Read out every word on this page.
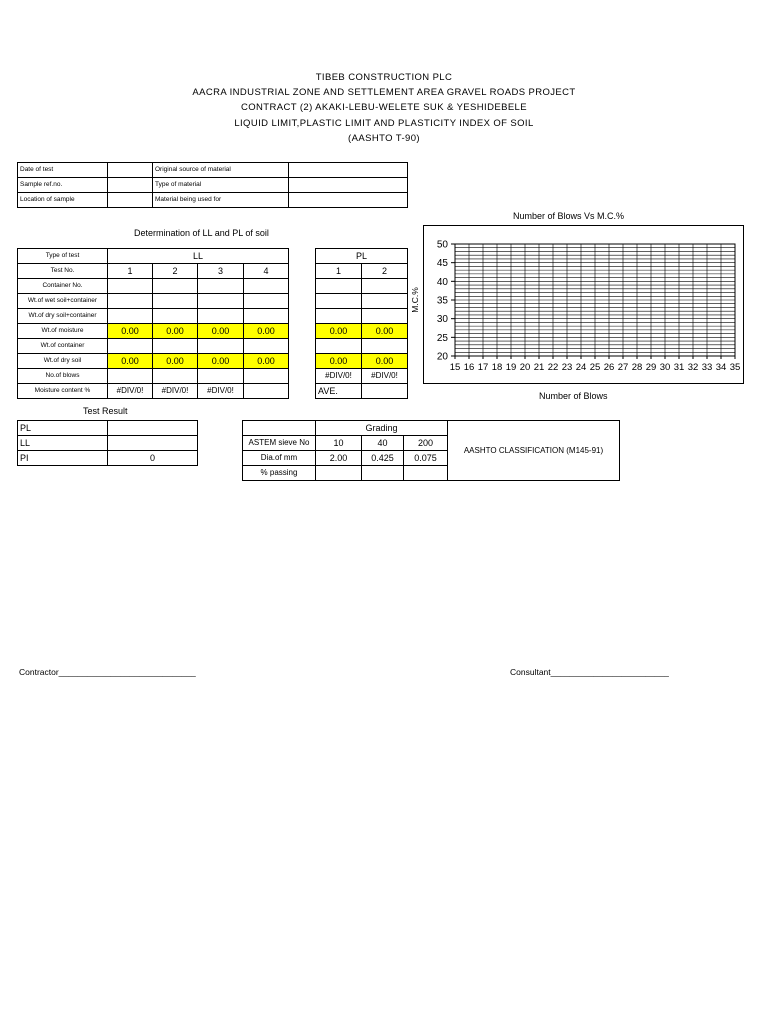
TIBEB CONSTRUCTION PLC
AACRA INDUSTRIAL ZONE AND SETTLEMENT AREA GRAVEL ROADS PROJECT
CONTRACT (2) AKAKI-LEBU-WELETE SUK & YESHIDEBELE
LIQUID LIMIT,PLASTIC LIMIT AND PLASTICITY INDEX OF SOIL
(AASHTO T-90)
Date of test		Original source of material	
Sample ref.no.		Type of material	
Location of sample		Material being used for	
Determination of LL and PL of soil
Type of test	LL					PL	
Test No.	1	2	3	4		1	2
Container No.							
Wt.of wet soil+container							
Wt.of dry soil+container							
Wt.of moisture	0.00	0.00	0.00	0.00		0.00	0.00
Wt.of container							
Wt.of dry soil	0.00	0.00	0.00	0.00		0.00	0.00
No.of blows						#DIV/0!	#DIV/0!
Moisture content %	#DIV/0!	#DIV/0!	#DIV/0!			AVE.	
Test Result
PL	
LL	
PI	0
	Grading			AASHTO CLASSIFICATION (M145-91)
ASTEM sieve No	10	40	200	
Dia.of mm	2.00	0.425	0.075	
% passing				
Number of Blows Vs M.C.%
20
25
30
35
40
45
50
15 16 17 18 19 20 21 22 23 24 25 26 27 28 29 30 31 32 33 34 35
M.C.%
Number of Blows
Contractor_____________________________	Consultant_________________________
